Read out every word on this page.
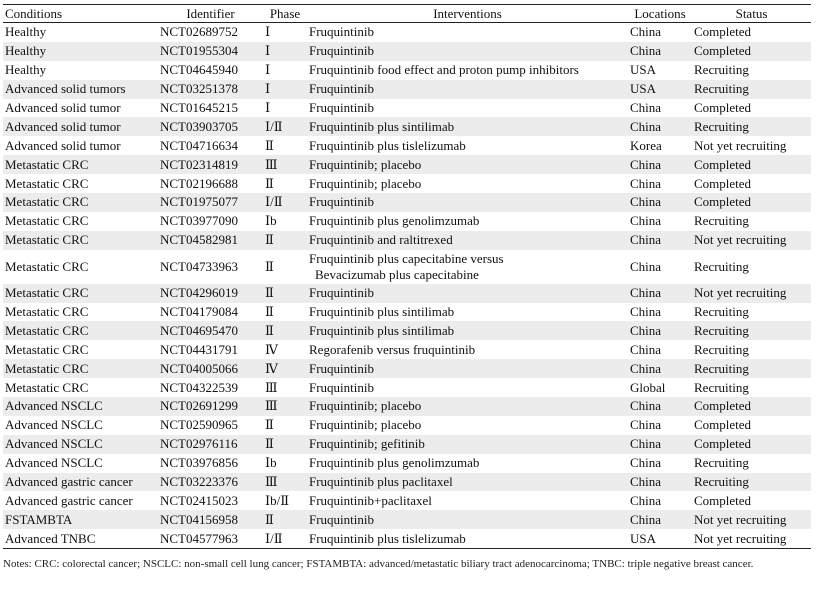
Conditions	Identifier	Phase	Interventions	Locations	Status
Healthy	NCT02689752	Ⅰ	Fruquintinib	China	Completed
Healthy	NCT01955304	Ⅰ	Fruquintinib	China	Completed
Healthy	NCT04645940	Ⅰ	Fruquintinib food effect and proton pump inhibitors	USA	Recruiting
Advanced solid tumors	NCT03251378	Ⅰ	Fruquintinib	USA	Recruiting
Advanced solid tumor	NCT01645215	Ⅰ	Fruquintinib	China	Completed
Advanced solid tumor	NCT03903705	Ⅰ/Ⅱ	Fruquintinib plus sintilimab	China	Recruiting
Advanced solid tumor	NCT04716634	Ⅱ	Fruquintinib plus tislelizumab	Korea	Not yet recruiting
Metastatic CRC	NCT02314819	Ⅲ	Fruquintinib; placebo	China	Completed
Metastatic CRC	NCT02196688	Ⅱ	Fruquintinib; placebo	China	Completed
Metastatic CRC	NCT01975077	Ⅰ/Ⅱ	Fruquintinib	China	Completed
Metastatic CRC	NCT03977090	Ⅰb	Fruquintinib plus genolimzumab	China	Recruiting
Metastatic CRC	NCT04582981	Ⅱ	Fruquintinib and raltitrexed	China	Not yet recruiting
Metastatic CRC	NCT04733963	Ⅱ	Fruquintinib plus capecitabine versus
Bevacizumab plus capecitabine	China	Recruiting
Metastatic CRC	NCT04296019	Ⅱ	Fruquintinib	China	Not yet recruiting
Metastatic CRC	NCT04179084	Ⅱ	Fruquintinib plus sintilimab	China	Recruiting
Metastatic CRC	NCT04695470	Ⅱ	Fruquintinib plus sintilimab	China	Recruiting
Metastatic CRC	NCT04431791	Ⅳ	Regorafenib versus fruquintinib	China	Recruiting
Metastatic CRC	NCT04005066	Ⅳ	Fruquintinib	China	Recruiting
Metastatic CRC	NCT04322539	Ⅲ	Fruquintinib	Global	Recruiting
Advanced NSCLC	NCT02691299	Ⅲ	Fruquintinib; placebo	China	Completed
Advanced NSCLC	NCT02590965	Ⅱ	Fruquintinib; placebo	China	Completed
Advanced NSCLC	NCT02976116	Ⅱ	Fruquintinib; gefitinib	China	Completed
Advanced NSCLC	NCT03976856	Ⅰb	Fruquintinib plus genolimzumab	China	Recruiting
Advanced gastric cancer	NCT03223376	Ⅲ	Fruquintinib plus paclitaxel	China	Recruiting
Advanced gastric cancer	NCT02415023	Ⅰb/Ⅱ	Fruquintinib+paclitaxel	China	Completed
FSTAMBTA	NCT04156958	Ⅱ	Fruquintinib	China	Not yet recruiting
Advanced TNBC	NCT04577963	Ⅰ/Ⅱ	Fruquintinib plus tislelizumab	USA	Not yet recruiting
Notes: CRC: colorectal cancer; NSCLC: non-small cell lung cancer; FSTAMBTA: advanced/metastatic biliary tract adenocarcinoma; TNBC: triple negative breast cancer.
